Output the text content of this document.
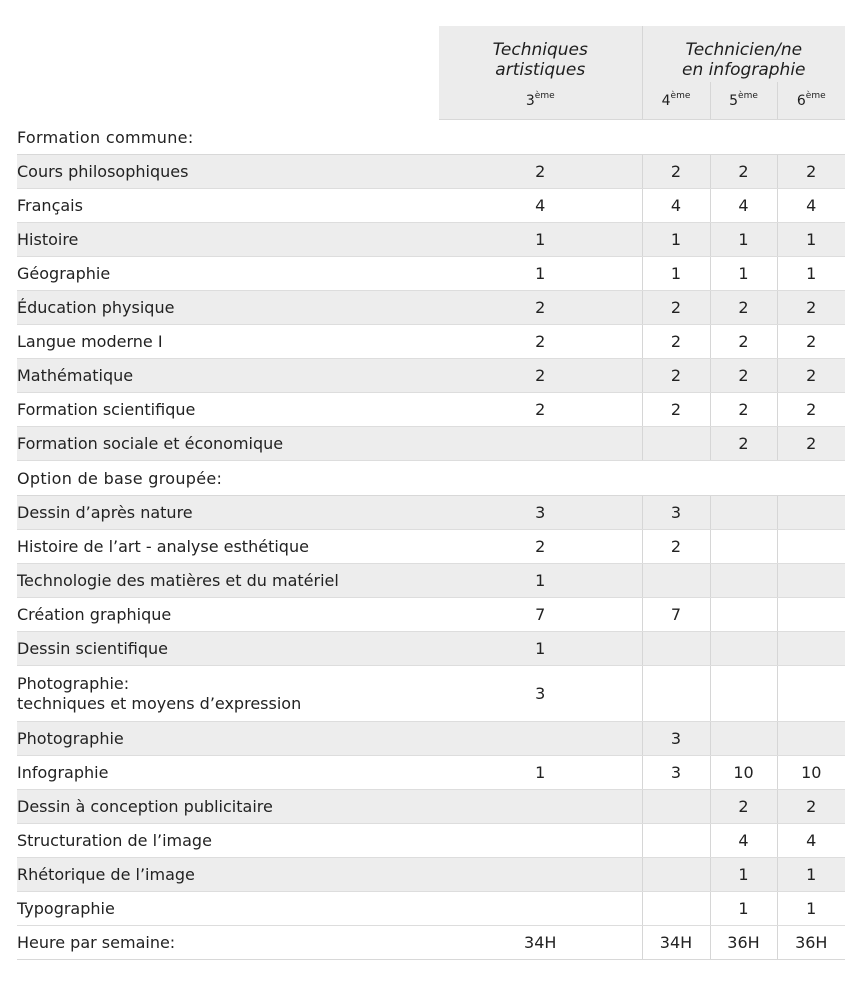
	Techniques
artistiques	Technicien/ne
en infographie		

	3ème	4ème	5ème	6ème
Formation commune:				
Cours philosophiques	2	2	2	2
Français	4	4	4	4
Histoire	1	1	1	1
Géographie	1	1	1	1
Éducation physique	2	2	2	2
Langue moderne I	2	2	2	2
Mathématique	2	2	2	2
Formation scientifique	2	2	2	2
Formation sociale et économique			2	2
Option de base groupée:				
Dessin d’après nature	3	3		
Histoire de l’art - analyse esthétique	2	2		
Technologie des matières et du matériel	1			
Création graphique	7	7		
Dessin scientifique	1			

Photographie:
techniques et moyens d’expression	3			
Photographie		3		
Infographie	1	3	10	10
Dessin à conception publicitaire			2	2
Structuration de l’image			4	4
Rhétorique de l’image			1	1
Typographie			1	1
Heure par semaine:	34H	34H	36H	36H
